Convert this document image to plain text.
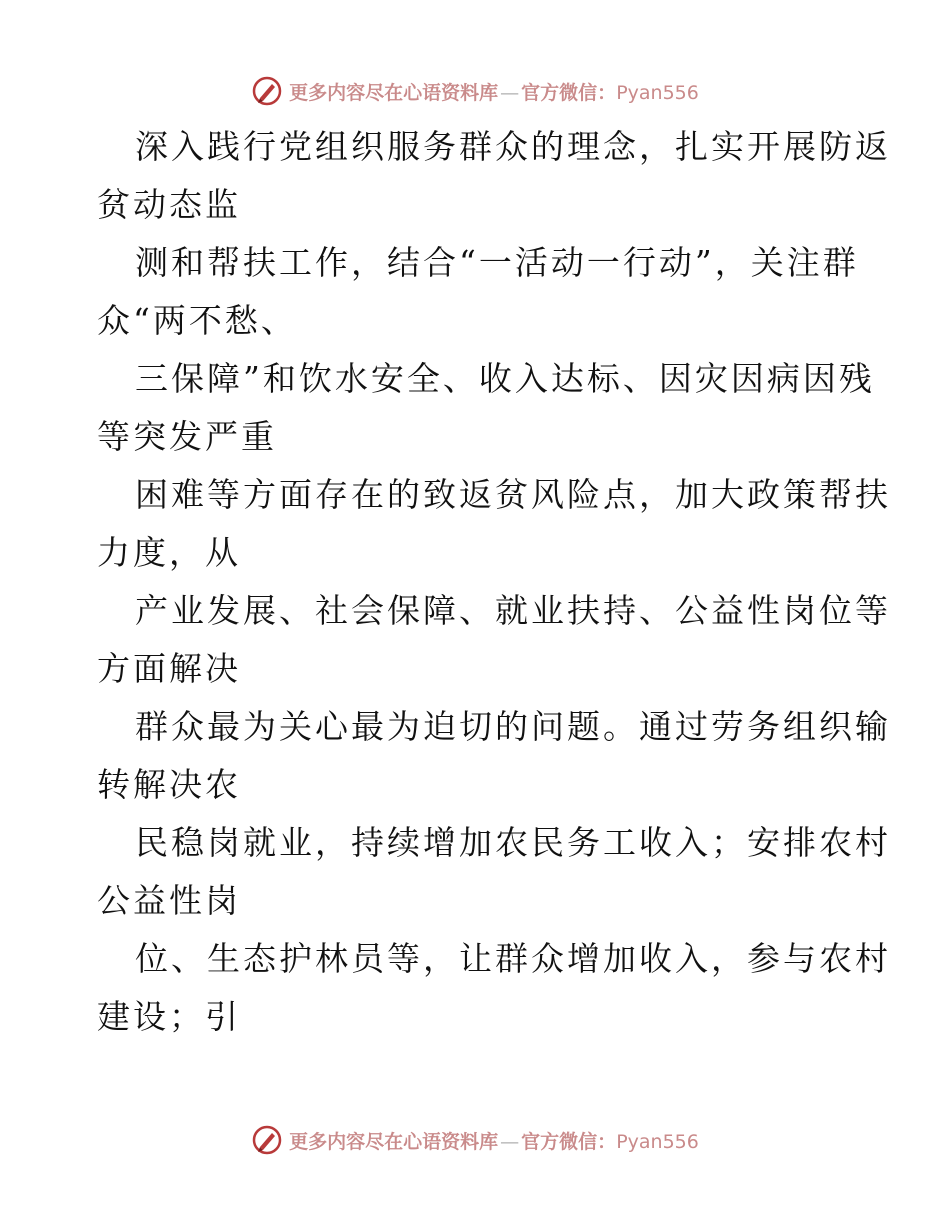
更多内容尽在心语资料库 — 官方微信：Pyan556
深入践行党组织服务群众的理念，扎实开展防返
贫动态监
测和帮扶工作，结合“一活动一行动”，关注群
众“两不愁、
三保障”和饮水安全、收入达标、因灾因病因残
等突发严重
困难等方面存在的致返贫风险点，加大政策帮扶
力度，从
产业发展、社会保障、就业扶持、公益性岗位等
方面解决
群众最为关心最为迫切的问题。通过劳务组织输
转解决农
民稳岗就业，持续增加农民务工收入；安排农村
公益性岗
位、生态护林员等，让群众增加收入，参与农村
建设；引
更多内容尽在心语资料库 — 官方微信：Pyan556
